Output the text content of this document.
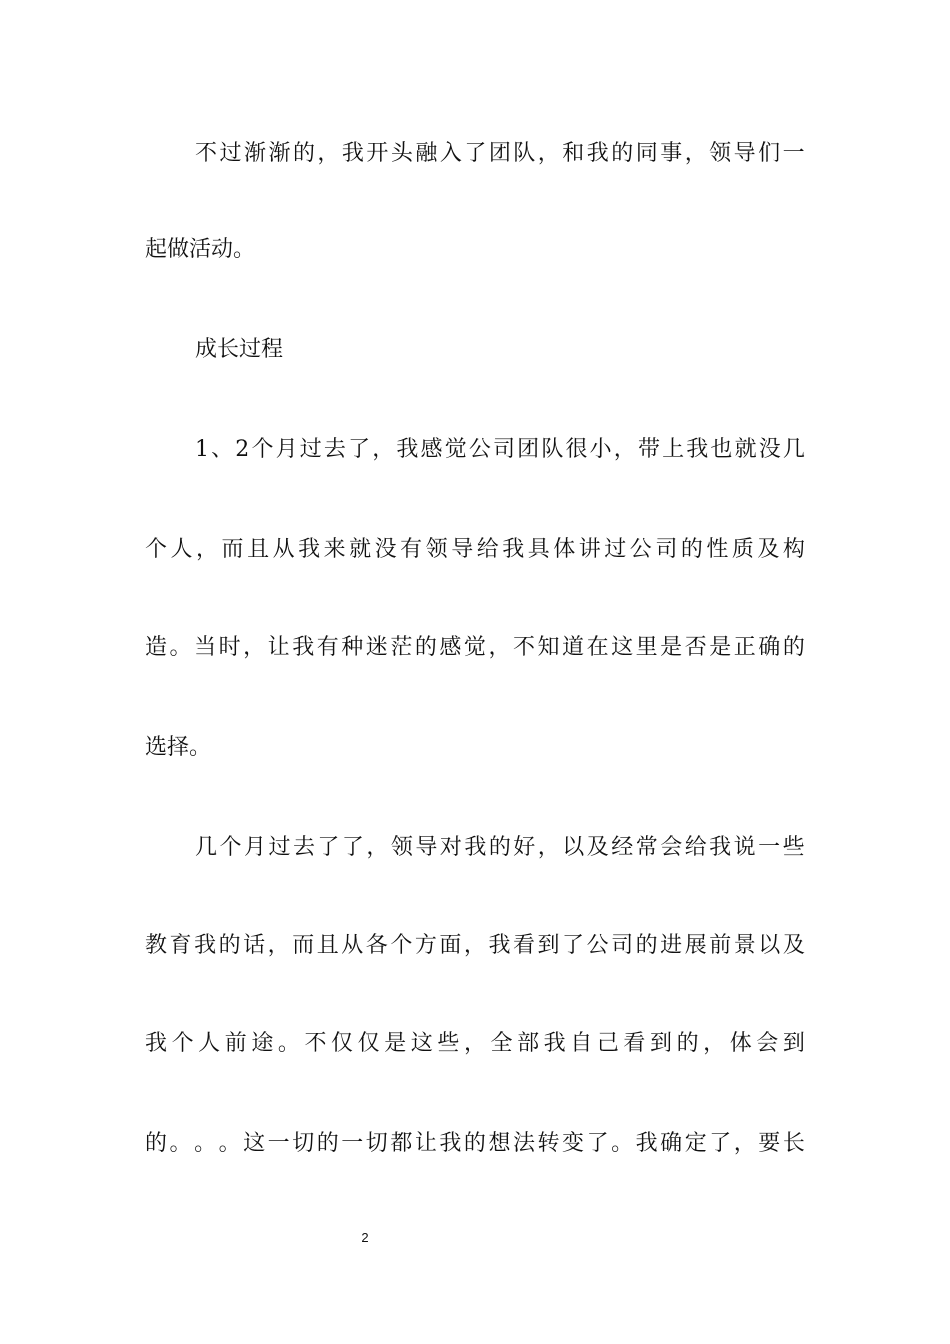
不 过 渐 渐 的 ， 我 开 头 融 入 了 团 队 ， 和 我 的 同 事 ， 领 导 们 一
起做活动。
成长过程
1 、 2 个 月 过 去 了 ， 我 感 觉 公 司 团 队 很 小 ， 带 上 我 也 就 没 几
个 人 ， 而 且 从 我 来 就 没 有 领 导 给 我 具 体 讲 过 公 司 的 性 质 及 构
造 。 当 时 ， 让 我 有 种 迷 茫 的 感 觉 ， 不 知 道 在 这 里 是 否 是 正 确 的
选择。
几 个 月 过 去 了 了 ， 领 导 对 我 的 好 ， 以 及 经 常 会 给 我 说 一 些
教 育 我 的 话 ， 而 且 从 各 个 方 面 ， 我 看 到 了 公 司 的 进 展 前 景 以 及
我 个 人 前 途 。 不 仅 仅 是 这 些 ， 全 部 我 自 己 看 到 的 ， 体 会 到
的 。 。 。 这 一 切 的 一 切 都 让 我 的 想 法 转 变 了 。 我 确 定 了 ， 要 长
2
